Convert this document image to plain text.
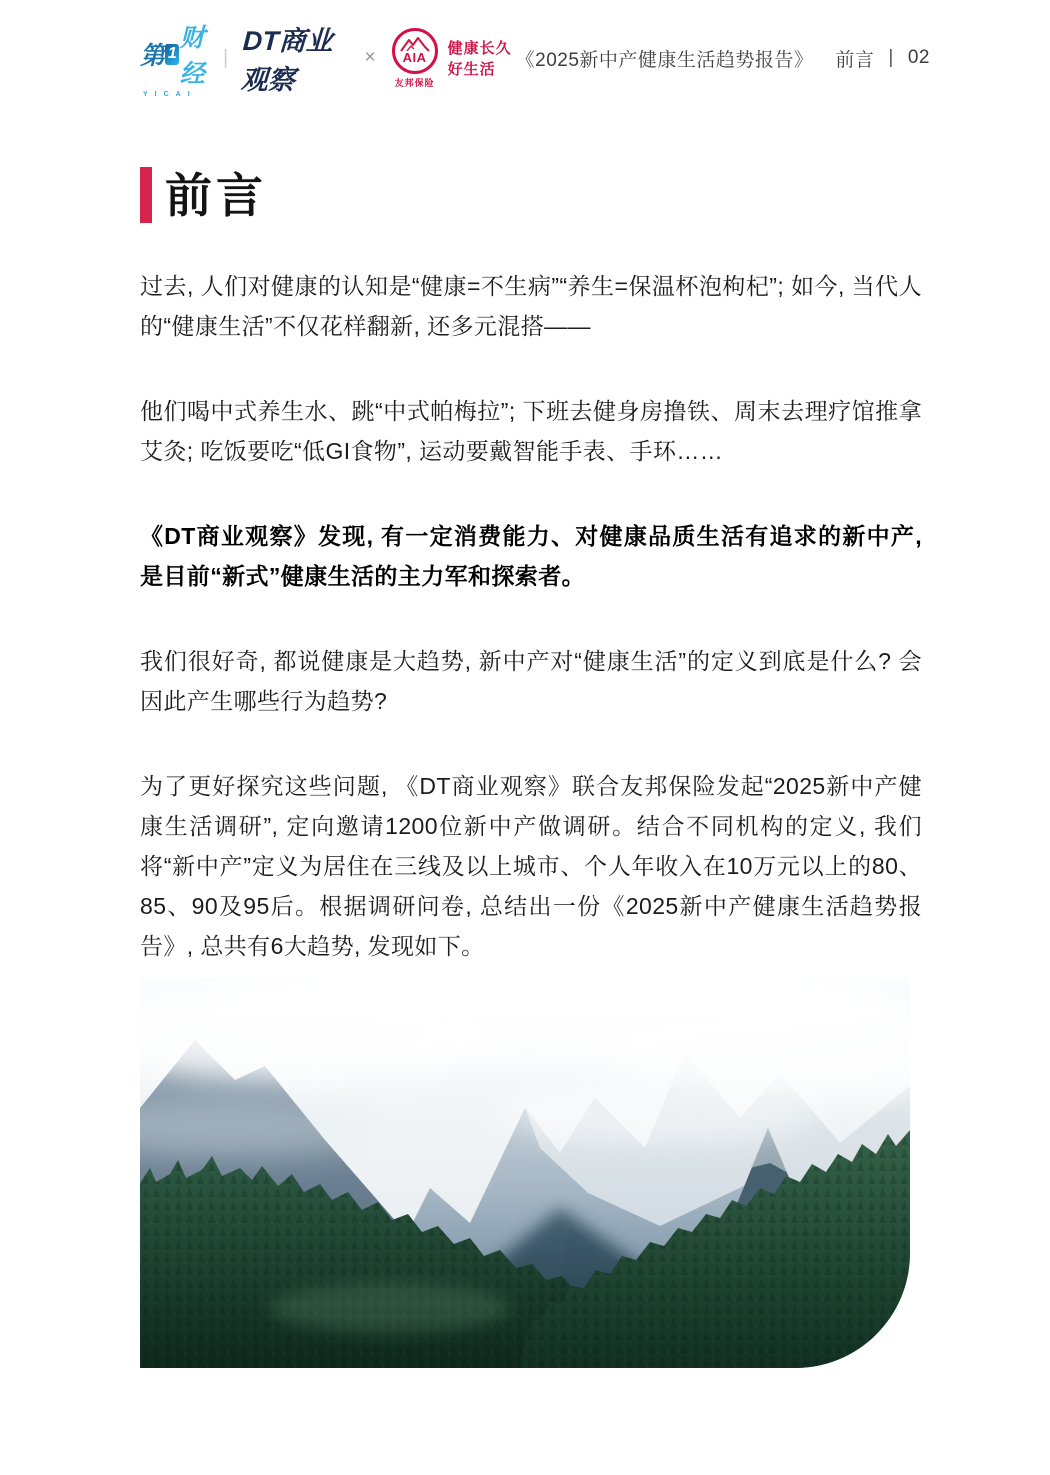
第 1
财经
YICAI
|
DT商业观察
× AIA
友邦保险
健康长久好生活	《2025新中产健康生活趋势报告》 前言 | 02
前言

过去, 人们对健康的认知是“健康=不生病”“养生=保温杯泡枸杞”; 如今, 当代人的“健康生活”不仅花样翻新, 还多元混搭——

他们喝中式养生水、跳“中式帕梅拉”; 下班去健身房撸铁、周末去理疗馆推拿艾灸; 吃饭要吃“低GI食物”, 运动要戴智能手表、手环……

《DT商业观察》发现, 有一定消费能力、对健康品质生活有追求的新中产, 是目前“新式”健康生活的主力军和探索者。

我们很好奇, 都说健康是大趋势, 新中产对“健康生活”的定义到底是什么? 会因此产生哪些行为趋势?

为了更好探究这些问题, 《DT商业观察》联合友邦保险发起“2025新中产健康生活调研”, 定向邀请1200位新中产做调研。结合不同机构的定义, 我们将“新中产”定义为居住在三线及以上城市、个人年收入在10万元以上的80、85、90及95后。根据调研问卷, 总结出一份《2025新中产健康生活趋势报告》, 总共有6大趋势, 发现如下。
